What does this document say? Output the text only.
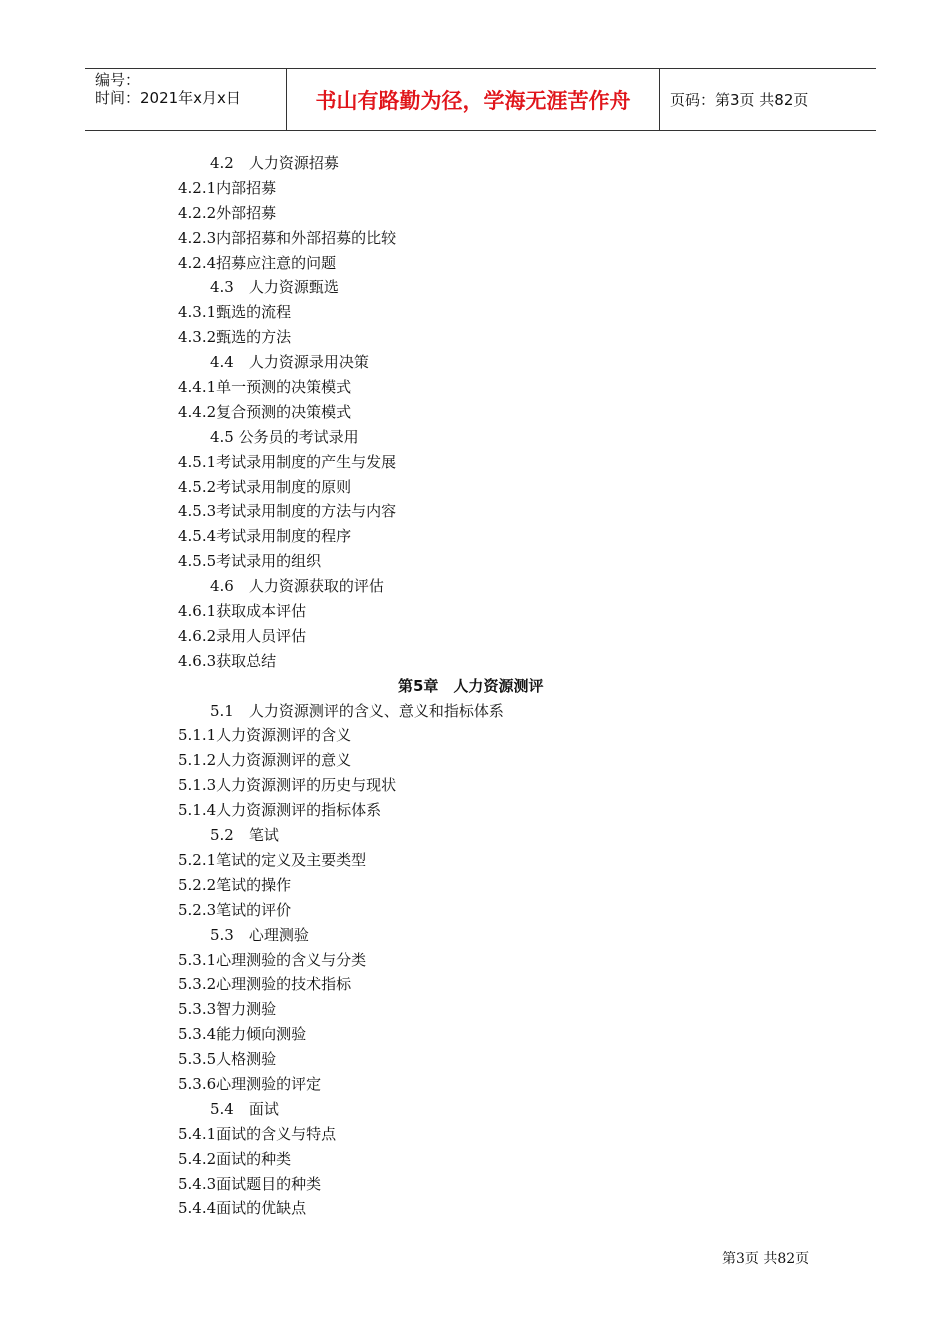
编号：
时间：2021年x月x日	书山有路勤为径，学海无涯苦作舟	页码：第3页 共82页
4.2　人力资源招募
4.2.1内部招募
4.2.2外部招募
4.2.3内部招募和外部招募的比较
4.2.4招募应注意的问题
4.3　人力资源甄选
4.3.1甄选的流程
4.3.2甄选的方法
4.4　人力资源录用决策
4.4.1单一预测的决策模式
4.4.2复合预测的决策模式
4.5 公务员的考试录用
4.5.1考试录用制度的产生与发展
4.5.2考试录用制度的原则
4.5.3考试录用制度的方法与内容
4.5.4考试录用制度的程序
4.5.5考试录用的组织
4.6　人力资源获取的评估
4.6.1获取成本评估
4.6.2录用人员评估
4.6.3获取总结
第5章　人力资源测评
5.1　人力资源测评的含义、意义和指标体系
5.1.1人力资源测评的含义
5.1.2人力资源测评的意义
5.1.3人力资源测评的历史与现状
5.1.4人力资源测评的指标体系
5.2　笔试
5.2.1笔试的定义及主要类型
5.2.2笔试的操作
5.2.3笔试的评价
5.3　心理测验
5.3.1心理测验的含义与分类
5.3.2心理测验的技术指标
5.3.3智力测验
5.3.4能力倾向测验
5.3.5人格测验
5.3.6心理测验的评定
5.4　面试
5.4.1面试的含义与特点
5.4.2面试的种类
5.4.3面试题目的种类
5.4.4面试的优缺点
第3页 共82页
